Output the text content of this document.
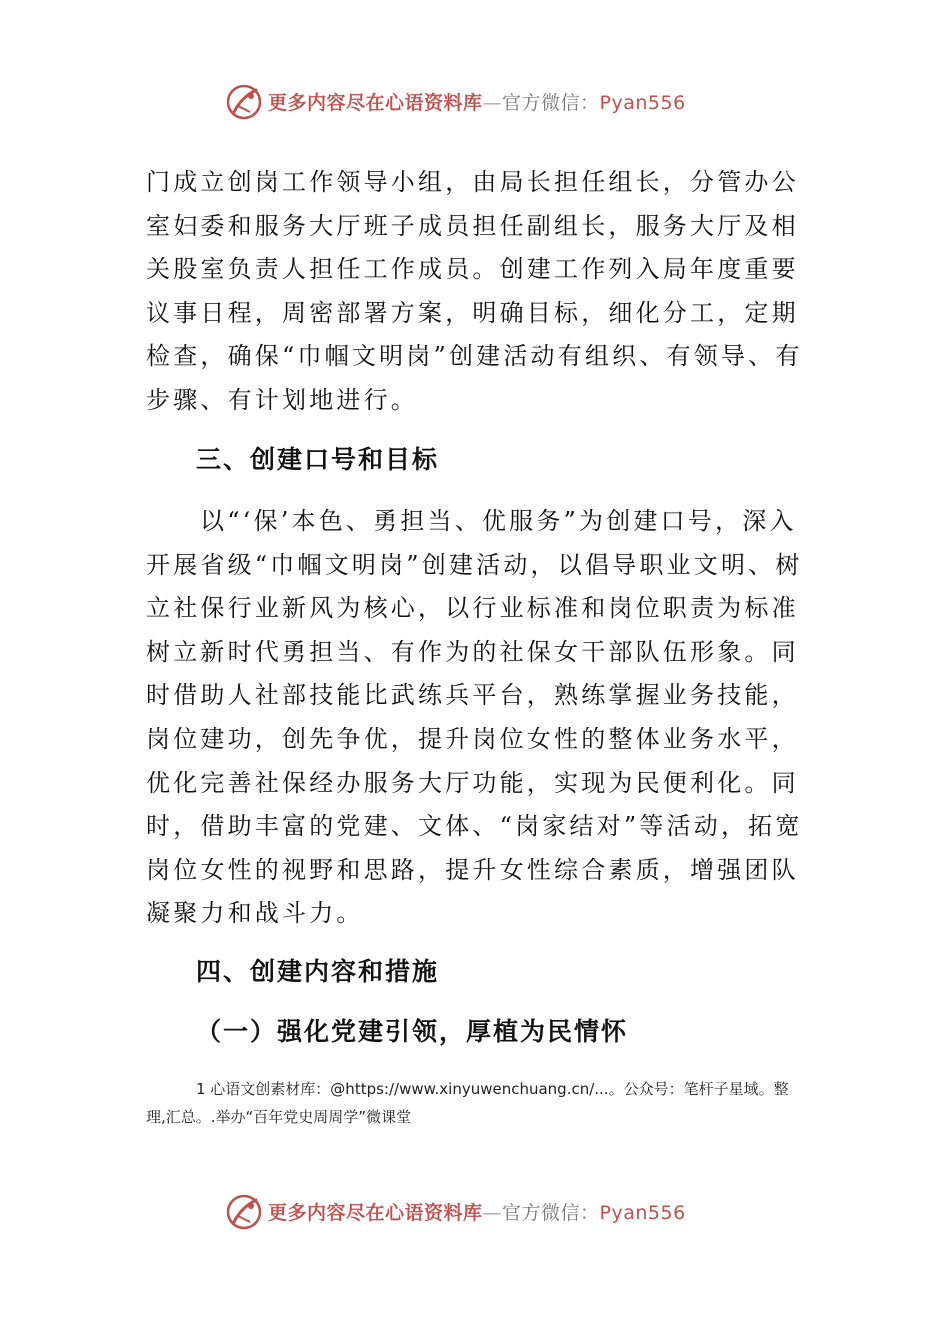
更多内容尽在心语资料库—官方微信：Pyan556

门成立创岗工作领导小组，由局长担任组长，分管办公室妇委和服务大厅班子成员担任副组长，服务大厅及相关股室负责人担任工作成员。创建工作列入局年度重要议事日程，周密部署方案，明确目标，细化分工，定期检查，确保“巾帼文明岗”创建活动有组织、有领导、有步骤、有计划地进行。

三、创建口号和目标

以“‘保’本色、勇担当、优服务”为创建口号，深入开展省级“巾帼文明岗”创建活动，以倡导职业文明、树立社保行业新风为核心，以行业标准和岗位职责为标准树立新时代勇担当、有作为的社保女干部队伍形象。同时借助人社部技能比武练兵平台，熟练掌握业务技能，岗位建功，创先争优，提升岗位女性的整体业务水平，优化完善社保经办服务大厅功能，实现为民便利化。同时，借助丰富的党建、文体、“岗家结对”等活动，拓宽岗位女性的视野和思路，提升女性综合素质，增强团队凝聚力和战斗力。

四、创建内容和措施
（一）强化党建引领，厚植为民情怀

1 心语文创素材库：@https://www.xinyuwenchuang.cn/...。公众号：笔杆子星域。整理,汇总。.举办“百年党史周周学”微课堂

更多内容尽在心语资料库—官方微信：Pyan556
